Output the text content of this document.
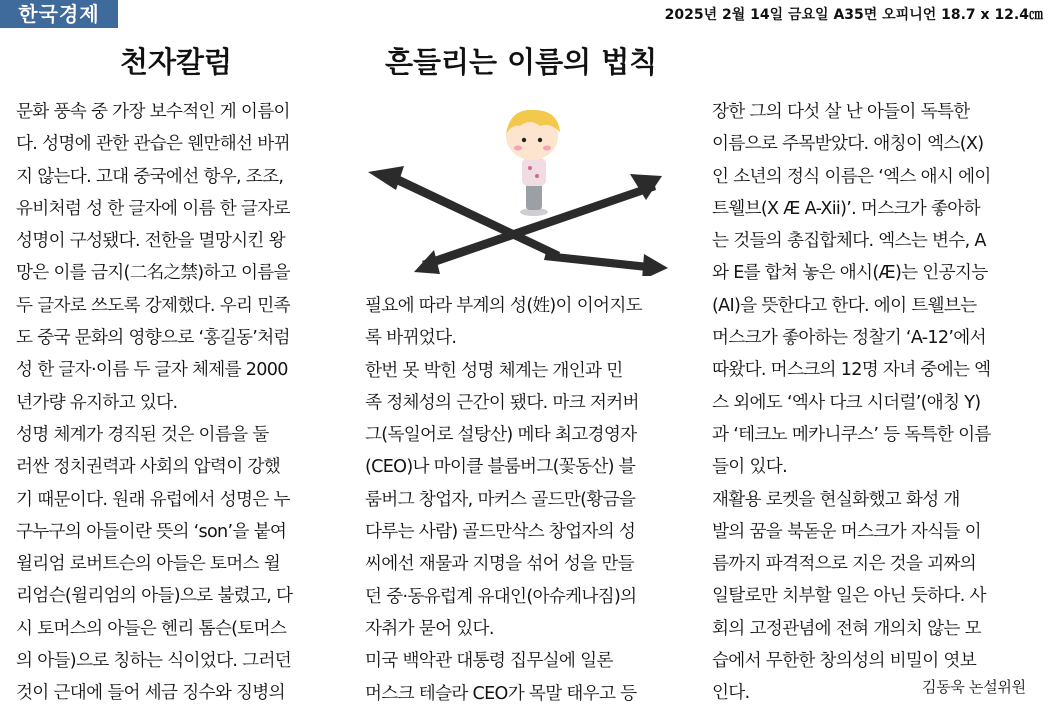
한국경제	2025년 2월 14일 금요일 A35면 오피니언 18.7 x 12.4㎝
천자칼럼	흔들리는 이름의 법칙
문화 풍속 중 가장 보수적인 게 이름이
다. 성명에 관한 관습은 웬만해선 바뀌
지 않는다. 고대 중국에선 항우, 조조,
유비처럼 성 한 글자에 이름 한 글자로
성명이 구성됐다. 전한을 멸망시킨 왕
망은 이를 금지(二名之禁)하고 이름을
두 글자로 쓰도록 강제했다. 우리 민족
도 중국 문화의 영향으로 ‘홍길동’처럼
성 한 글자·이름 두 글자 체제를 2000
년가량 유지하고 있다.
성명 체계가 경직된 것은 이름을 둘
러싼 정치권력과 사회의 압력이 강했
기 때문이다. 원래 유럽에서 성명은 누
구누구의 아들이란 뜻의 ‘son’을 붙여
윌리엄 로버트슨의 아들은 토머스 윌
리엄슨(윌리엄의 아들)으로 불렸고, 다
시 토머스의 아들은 헨리 톰슨(토머스
의 아들)으로 칭하는 식이었다. 그러던
것이 근대에 들어 세금 징수와 징병의
필요에 따라 부계의 성(姓)이 이어지도
록 바뀌었다.
한번 못 박힌 성명 체계는 개인과 민
족 정체성의 근간이 됐다. 마크 저커버
그(독일어로 설탕산) 메타 최고경영자
(CEO)나 마이클 블룸버그(꽃동산) 블
룸버그 창업자, 마커스 골드만(황금을
다루는 사람) 골드만삭스 창업자의 성
씨에선 재물과 지명을 섞어 성을 만들
던 중·동유럽계 유대인(아슈케나짐)의
자취가 묻어 있다.
미국 백악관 대통령 집무실에 일론
머스크 테슬라 CEO가 목말 태우고 등
장한 그의 다섯 살 난 아들이 독특한
이름으로 주목받았다. 애칭이 엑스(X)
인 소년의 정식 이름은 ‘엑스 애시 에이
트웰브(X Æ A-Xii)’. 머스크가 좋아하
는 것들의 총집합체다. 엑스는 변수, A
와 E를 합쳐 놓은 애시(Æ)는 인공지능
(AI)을 뜻한다고 한다. 에이 트웰브는
머스크가 좋아하는 정찰기 ‘A-12’에서
따왔다. 머스크의 12명 자녀 중에는 엑
스 외에도 ‘엑사 다크 시더럴’(애칭 Y)
과 ‘테크노 메카니쿠스’ 등 독특한 이름
들이 있다.
재활용 로켓을 현실화했고 화성 개
발의 꿈을 북돋운 머스크가 자식들 이
름까지 파격적으로 지은 것을 괴짜의
일탈로만 치부할 일은 아닌 듯하다. 사
회의 고정관념에 전혀 개의치 않는 모
습에서 무한한 창의성의 비밀이 엿보
인다.	김동욱 논설위원
